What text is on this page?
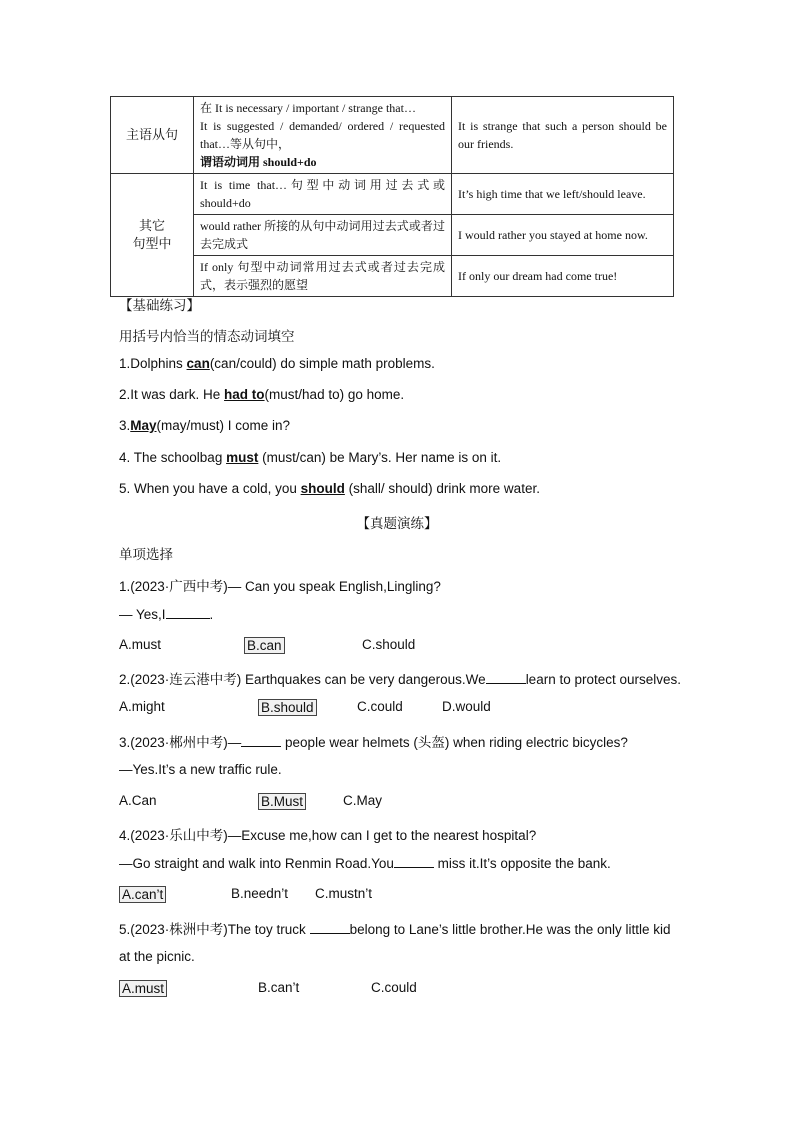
主语从句	在 It is necessary / important / strange that…
It is suggested / demanded/ ordered / requested that…等从句中，
谓语动词用 should+do	It is strange that such a person should be our friends.

其它
句型中	It is time that…句型中动词用过去式或 should+do	It’s high time that we left/should leave.
	would rather 所接的从句中动词用过去式或者过去完成式	I would rather you stayed at home now.
	If only 句型中动词常用过去式或者过去完成式，表示强烈的愿望	If only our dream had come true!
【基础练习】
用括号内恰当的情态动词填空
1.Dolphins can(can/could) do simple math problems.
2.It was dark. He had to(must/had to) go home.
3.May(may/must) I come in?
4. The schoolbag must (must/can) be Mary’s. Her name is on it.
5. When you have a cold, you should (shall/ should) drink more water.
【真题演练】
单项选择
1.(2023·广西中考)— Can you speak English,Lingling?
— Yes,I	.
A.must	B.can	C.should
2.(2023·连云港中考) Earthquakes can be very dangerous.We	learn to protect ourselves.
A.might	B.should	C.could	D.would
3.(2023·郴州中考)—	people wear helmets (头盔) when riding electric bicycles?
—Yes.It’s a new traffic rule.
A.Can	B.Must	C.May
4.(2023·乐山中考)—Excuse me,how can I get to the nearest hospital?
—Go straight and walk into Renmin Road.You	miss it.It’s opposite the bank.
A.can’t	B.needn’t C.mustn’t
5.(2023·株洲中考)The toy truck	belong to Lane’s little brother.He was the only little kid
at the picnic.
A.must	B.can’t	C.could
